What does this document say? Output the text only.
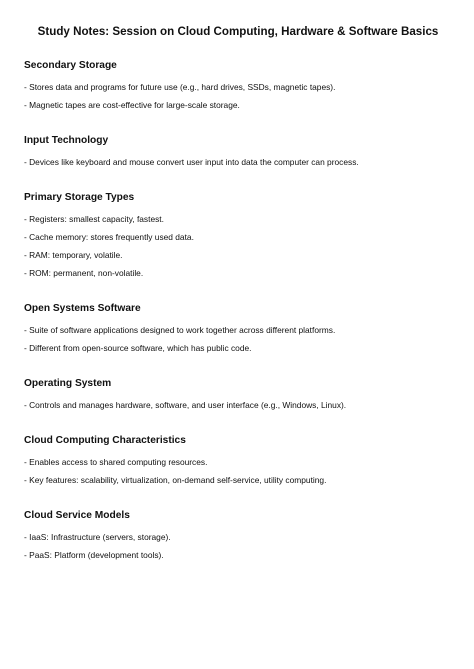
Study Notes: Session on Cloud Computing, Hardware & Software Basics
Secondary Storage
- Stores data and programs for future use (e.g., hard drives, SSDs, magnetic tapes).
- Magnetic tapes are cost-effective for large-scale storage.
Input Technology
- Devices like keyboard and mouse convert user input into data the computer can process.
Primary Storage Types
- Registers: smallest capacity, fastest.
- Cache memory: stores frequently used data.
- RAM: temporary, volatile.
- ROM: permanent, non-volatile.
Open Systems Software
- Suite of software applications designed to work together across different platforms.
- Different from open-source software, which has public code.
Operating System
- Controls and manages hardware, software, and user interface (e.g., Windows, Linux).
Cloud Computing Characteristics
- Enables access to shared computing resources.
- Key features: scalability, virtualization, on-demand self-service, utility computing.
Cloud Service Models
- IaaS: Infrastructure (servers, storage).
- PaaS: Platform (development tools).
